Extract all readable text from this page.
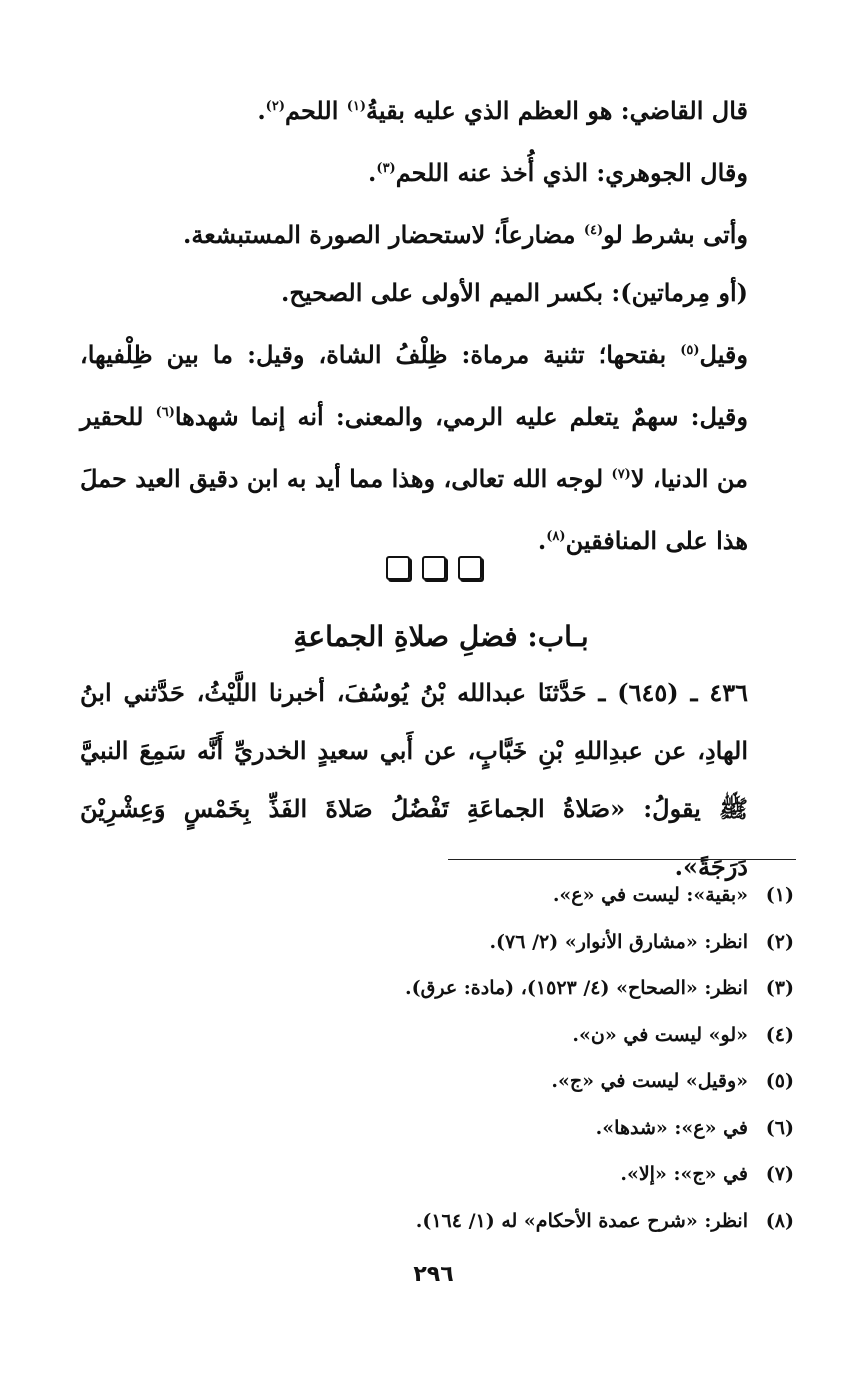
قال القاضي: هو العظم الذي عليه بقيةُ$^{(١)}$ اللحم$^{(٢)}$.

وقال الجوهري: الذي أُخذ عنه اللحم$^{(٣)}$.

وأتى بشرط لو$^{(٤)}$ مضارعاً؛ لاستحضار الصورة المستبشعة.

(أو مِرماتين): بكسر الميم الأولى على الصحيح.

وقيل$^{(٥)}$ بفتحها؛ تثنية مرماة: ظِلْفُ الشاة، وقيل: ما بين ظِلْفيها، وقيل: سهمٌ يتعلم عليه الرمي، والمعنى: أنه إنما شهدها$^{(٦)}$ للحقير من الدنيا، لا$^{(٧)}$ لوجه الله تعالى، وهذا مما أيد به ابن دقيق العيد حملَ هذا على المنافقين$^{(٨)}$.

بـاب: فضلِ صلاةِ الجماعةِ

٤٣٦ ـ (٦٤٥) ـ حَدَّثنَا عبدالله بْنُ يُوسُفَ، أخبرنا اللَّيْثُ، حَدَّثني ابنُ الهادِ، عن عبدِاللهِ بْنِ خَبَّابٍ، عن أَبي سعيدٍ الخدريِّ أَنَّه سَمِعَ النبيَّ ﷺ يقولُ: «صَلاةُ الجماعَةِ تَفْضُلُ صَلاةَ الفَذِّ بِخَمْسٍ وَعِشْرِيْنَ دَرَجَةً».

(١)«بقية»: ليست في «ع».
(٢)انظر: «مشارق الأنوار» (٢/ ٧٦).
(٣)انظر: «الصحاح» (٤/ ١٥٢٣)، (مادة: عرق).
(٤)«لو» ليست في «ن».
(٥)«وقيل» ليست في «ج».
(٦)في «ع»: «شدها».
(٧)في «ج»: «إلا».
(٨)انظر: «شرح عمدة الأحكام» له (١/ ١٦٤).
٢٩٦
